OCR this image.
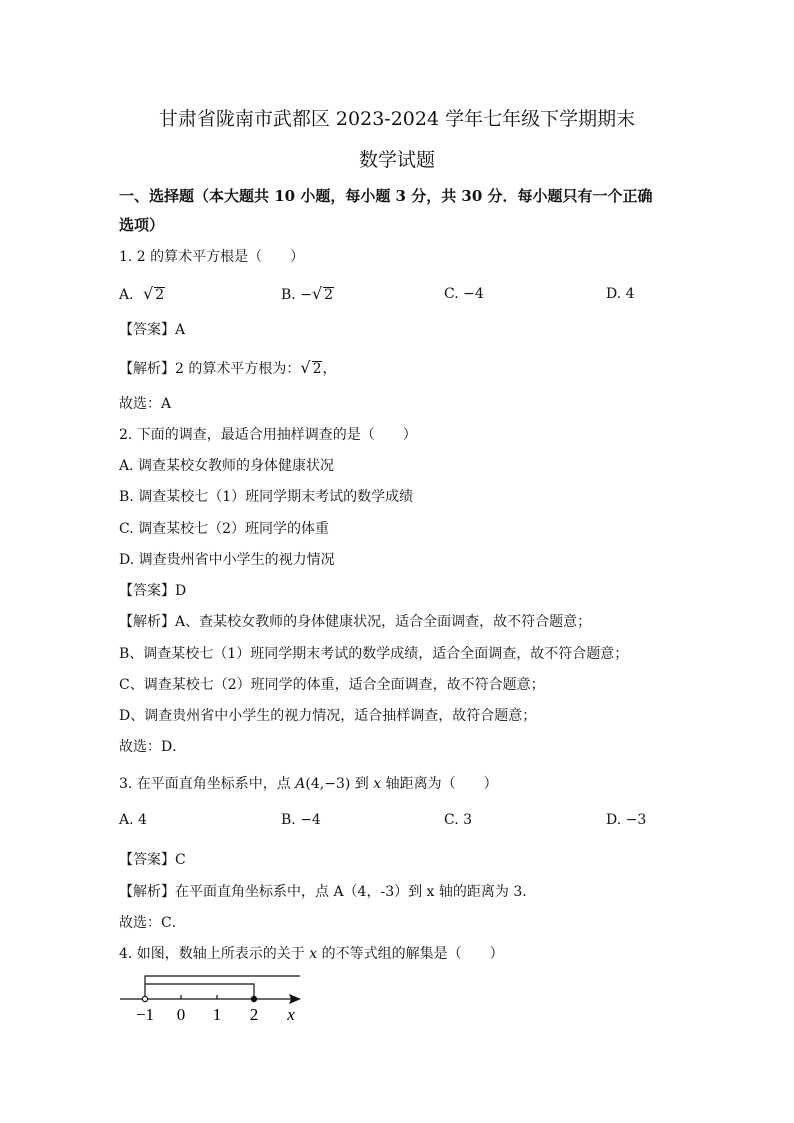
甘肃省陇南市武都区 2023-2024 学年七年级下学期期末
数学试题
一、选择题（本大题共 10 小题，每小题 3 分，共 30 分．每小题只有一个正确
选项）
1. 2 的算术平方根是（　　）
A.  √ 2	B. −√ 2	C. −4	D. 4
【答案】A
【解析】2 的算术平方根为：√ 2，
故选：A
2. 下面的调查，最适合用抽样调查的是（　　）
A. 调查某校女教师的身体健康状况
B. 调查某校七（1）班同学期末考试的数学成绩
C. 调查某校七（2）班同学的体重
D. 调查贵州省中小学生的视力情况
【答案】D
【解析】A、查某校女教师的身体健康状况，适合全面调查，故不符合题意；
B、调查某校七（1）班同学期末考试的数学成绩，适合全面调查，故不符合题意；
C、调查某校七（2）班同学的体重，适合全面调查，故不符合题意；
D、调查贵州省中小学生的视力情况，适合抽样调查，故符合题意；
故选：D．
3. 在平面直角坐标系中，点 A(4,−3) 到 x 轴距离为（　　）
A. 4	B. −4	C. 3	D. −3
【答案】C
【解析】在平面直角坐标系中，点 A（4，-3）到 x 轴的距离为 3．
故选：C．
4. 如图，数轴上所表示的关于 x 的不等式组的解集是（　　）
−1 0 1 2 x
